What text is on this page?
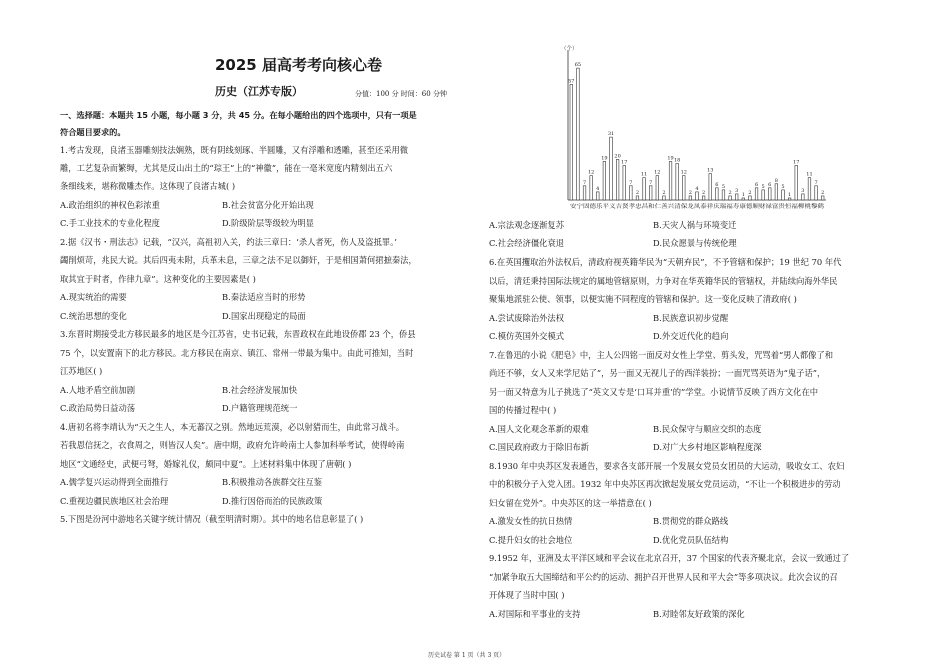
2025 届高考考向核心卷
历史（江苏专版）	分值：100 分 时间：60 分钟
一、选择题：本题共 15 小题，每小题 3 分，共 45 分。在每小题给出的四个选项中，只有一项是
符合题目要求的。
1.考古发现，良渚玉器雕刻技法娴熟，既有阴线刻琢、半圆雕，又有浮雕和透雕，甚至还采用微
雕，工艺复杂而繁缛，尤其是反山出土的“琮王”上的“神徽”，能在一毫米宽度内精刻出五六
条细线来，堪称微雕杰作。这体现了良渚古城( )
A.政治组织的神权色彩浓重	B.社会贫富分化开始出现
C.手工业技术的专业化程度	D.阶级阶层等级较为明显
2.据《汉书・刑法志》记载，“汉兴，高祖初入关，约法三章曰：‘杀人者死，伤人及盗抵罪。’
蠲削烦苛，兆民大说。其后四夷未附，兵革未息，三章之法不足以御奸，于是相国萧何捃摭秦法，
取其宜于时者，作律九章”。这种变化的主要因素是( )
A.现实统治的需要	B.秦法适应当时的形势
C.统治思想的变化	D.国家出现稳定的局面
3.东晋时期接受北方移民最多的地区是今江苏省，史书记载，东晋政权在此地设侨郡 23 个，侨县
75 个，以安置南下的北方移民。北方移民在南京、镇江、常州一带最为集中。由此可推知，当时
江苏地区( )
A.人地矛盾空前加剧	B.社会经济发展加快
C.政治局势日益动荡	D.户籍管理规范统一
4.唐初名将李靖认为“天之生人，本无蕃汉之别。然地远荒漠，必以射猎而生，由此常习战斗。
若我恩信抚之，衣食周之，则皆汉人矣”。唐中期，政府允许岭南士人参加科举考试，使得岭南
地区“文通经史，武便弓弩，婚嫁礼仪，颇同中夏”。上述材料集中体现了唐朝( )
A.儒学复兴运动得到全面推行	B.积极推动各族群交往互鉴
C.重视边疆民族地区社会治理	D.推行因俗而治的民族政策
5.下图是汾河中游地名关键字统计情况（截至明清时期）。其中的地名信息彰显了( )
（个）
57
65
7
12
4
19
31
20
17
7
2
11
7
12
2
19 18
12
2
4
2
13
6 5
2 3
1 2
6 5 6
8
5
1
17
3
11
7
2
安宁固德乐平义吉贤孝忠昌和仁善兴清保龙凤泰祥庆瑞福寿康德顺财禄富贵恒福柳桃黎鹤
A.宗法观念逐渐复苏	B.天灾人祸与环境变迁
C.社会经济僵化衰退	D.民众愿景与传统伦理
6.在英国攫取治外法权后，清政府视英籍华民为“天朝弃民”，不予管辖和保护；19 世纪 70 年代
以后，清廷秉持国际法规定的属地管辖原则，力争对在华英籍华民的管辖权，并陆续向海外华民
聚集地派驻公使、领事，以便实施不同程度的管辖和保护。这一变化反映了清政府( )
A.尝试废除治外法权	B.民族意识初步觉醒
C.模仿英国外交模式	D.外交近代化的趋向
7.在鲁迅的小说《肥皂》中，主人公四铭一面反对女性上学堂、剪头发，咒骂着“男人都像了和
尚还不够，女人又来学尼姑了”，另一面又无视儿子的西洋装扮；一面咒骂英语为“鬼子话”，
另一面又特意为儿子挑选了“英文又专是‘口耳并重’的”学堂。小说情节反映了西方文化在中
国的传播过程中( )
A.国人文化观念革新的艰难	B.民众保守与顺应交织的态度
C.国民政府政力于除旧布新	D.对广大乡村地区影响程度深
8.1930 年中央苏区发表通告，要求各支部开展一个发展女党员女团员的大运动，吸收女工、农妇
中的积极分子入党入团。1932 年中央苏区再次掀起发展女党员运动，“不让一个积极进步的劳动
妇女留在党外”。中央苏区的这一举措意在( )
A.激发女性的抗日热情	B.贯彻党的群众路线
C.提升妇女的社会地位	D.优化党员队伍结构
9.1952 年，亚洲及太平洋区域和平会议在北京召开，37 个国家的代表齐聚北京，会议一致通过了
“加紧争取五大国缔结和平公约的运动、拥护召开世界人民和平大会”等多项决议。此次会议的召
开体现了当时中国( )
A.对国际和平事业的支持	B.对睦邻友好政策的深化
历史试卷 第 1 页（共 3 页）
